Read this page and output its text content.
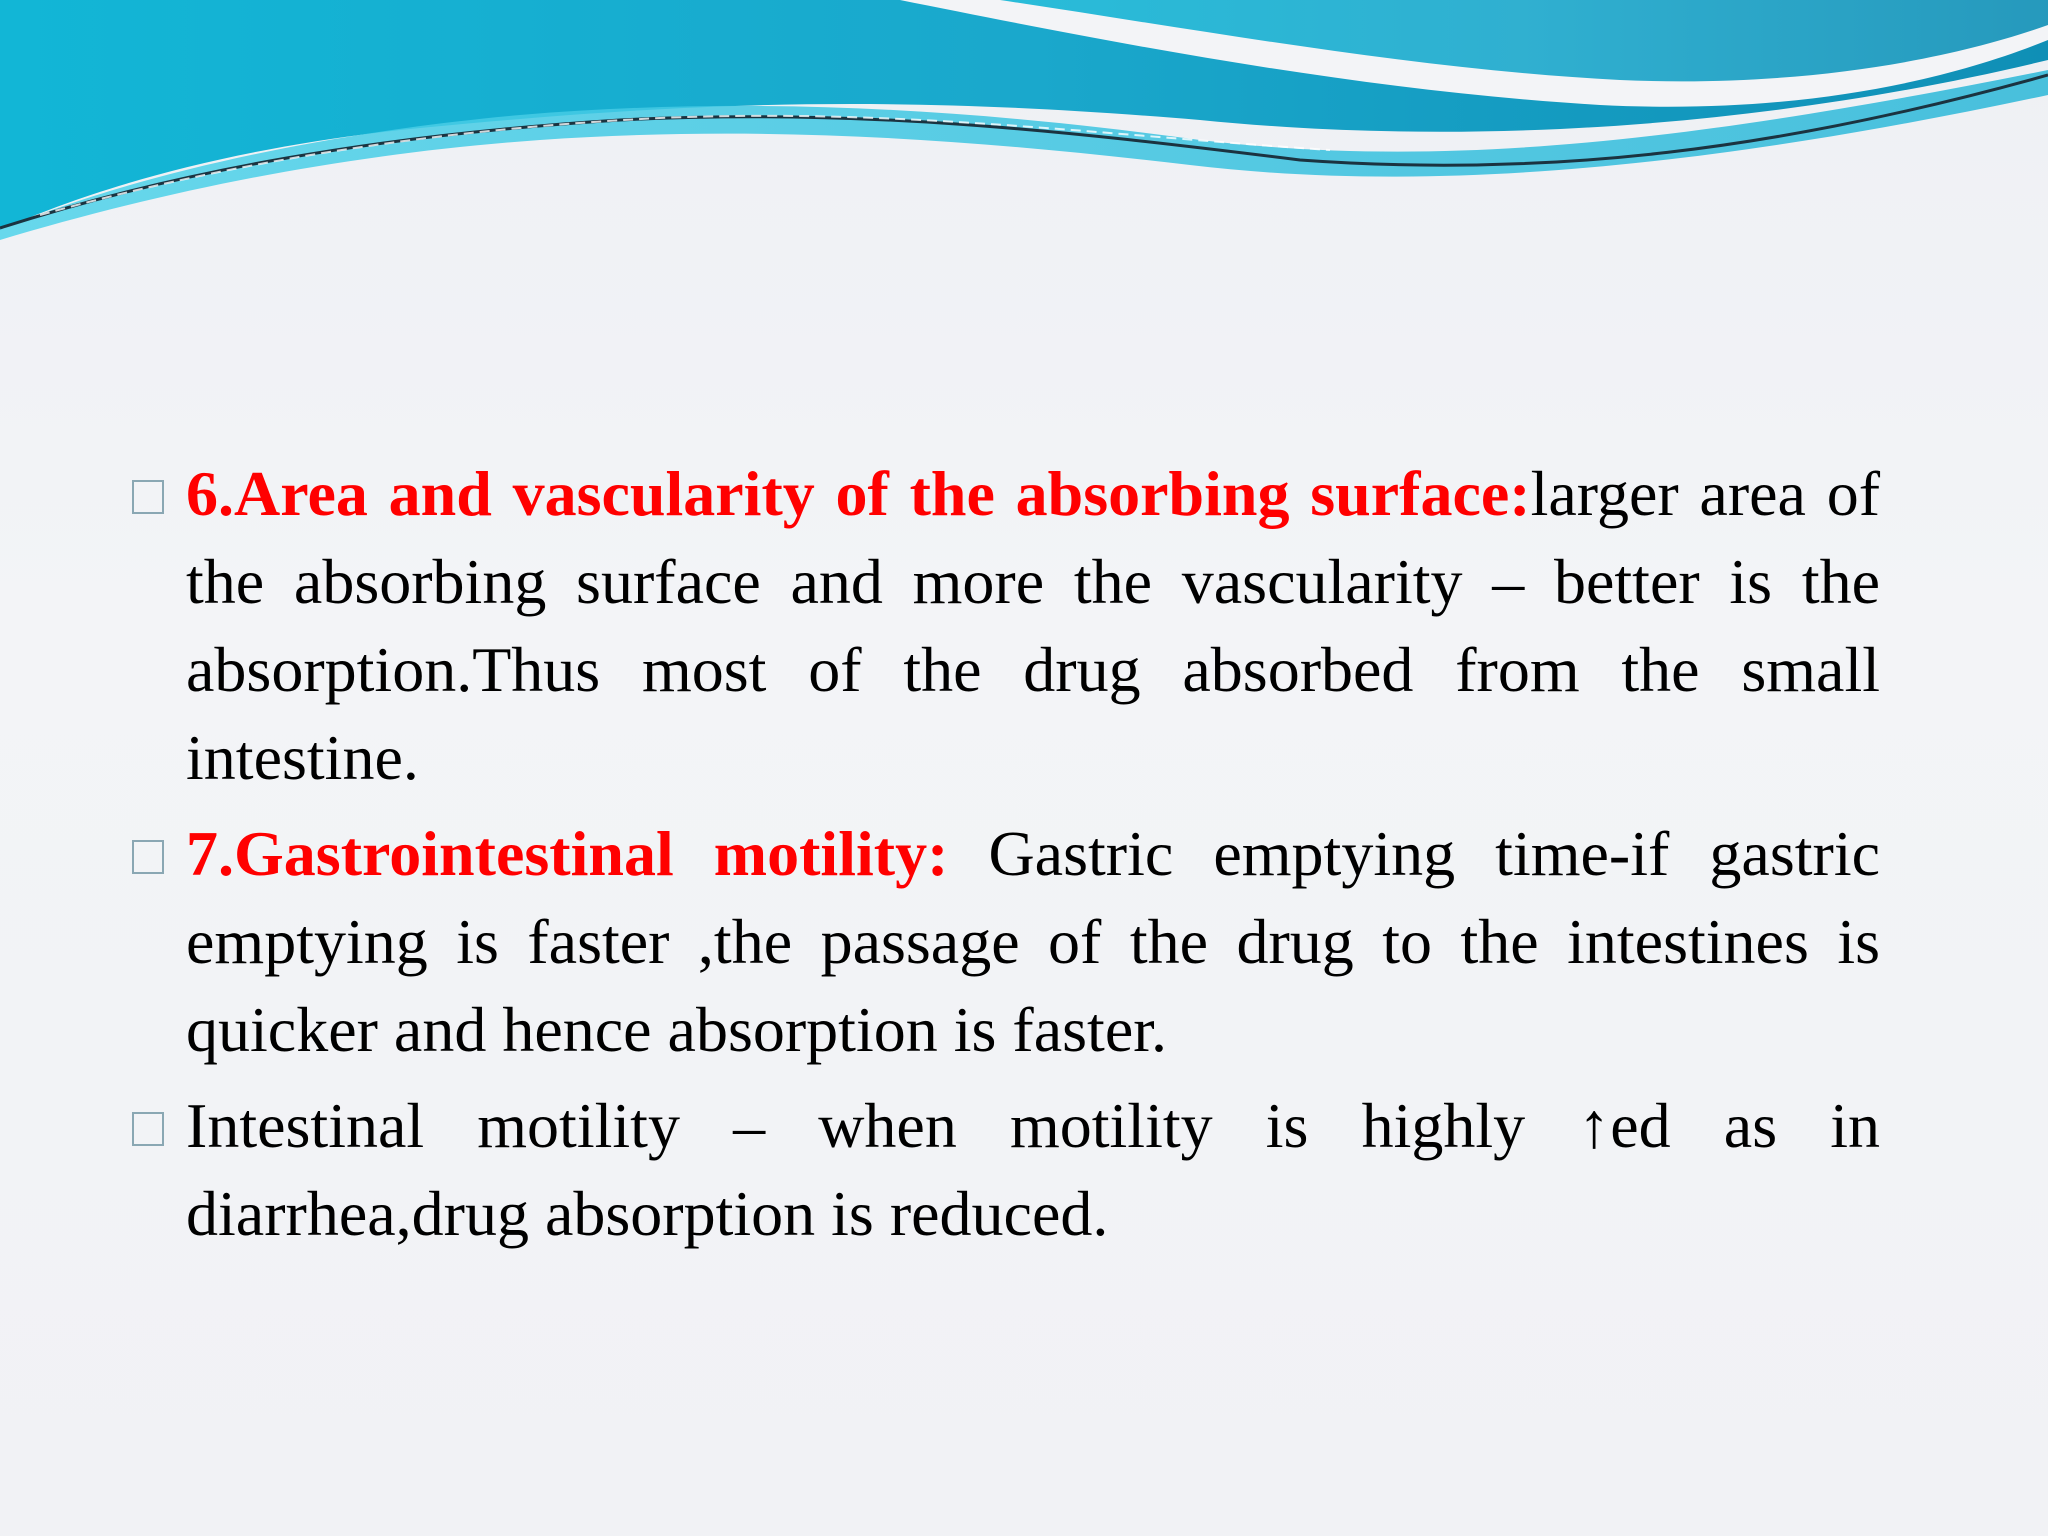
6.Area and vascularity of the absorbing surface:larger area of the absorbing surface and more the vascularity – better is the absorption.Thus most of the drug absorbed from the small intestine.
7.Gastrointestinal motility: Gastric emptying time-if gastric emptying is faster ,the passage of the drug to the intestines is quicker and hence absorption is faster.
Intestinal motility – when motility is highly ↑ed as in diarrhea,drug absorption is reduced.
